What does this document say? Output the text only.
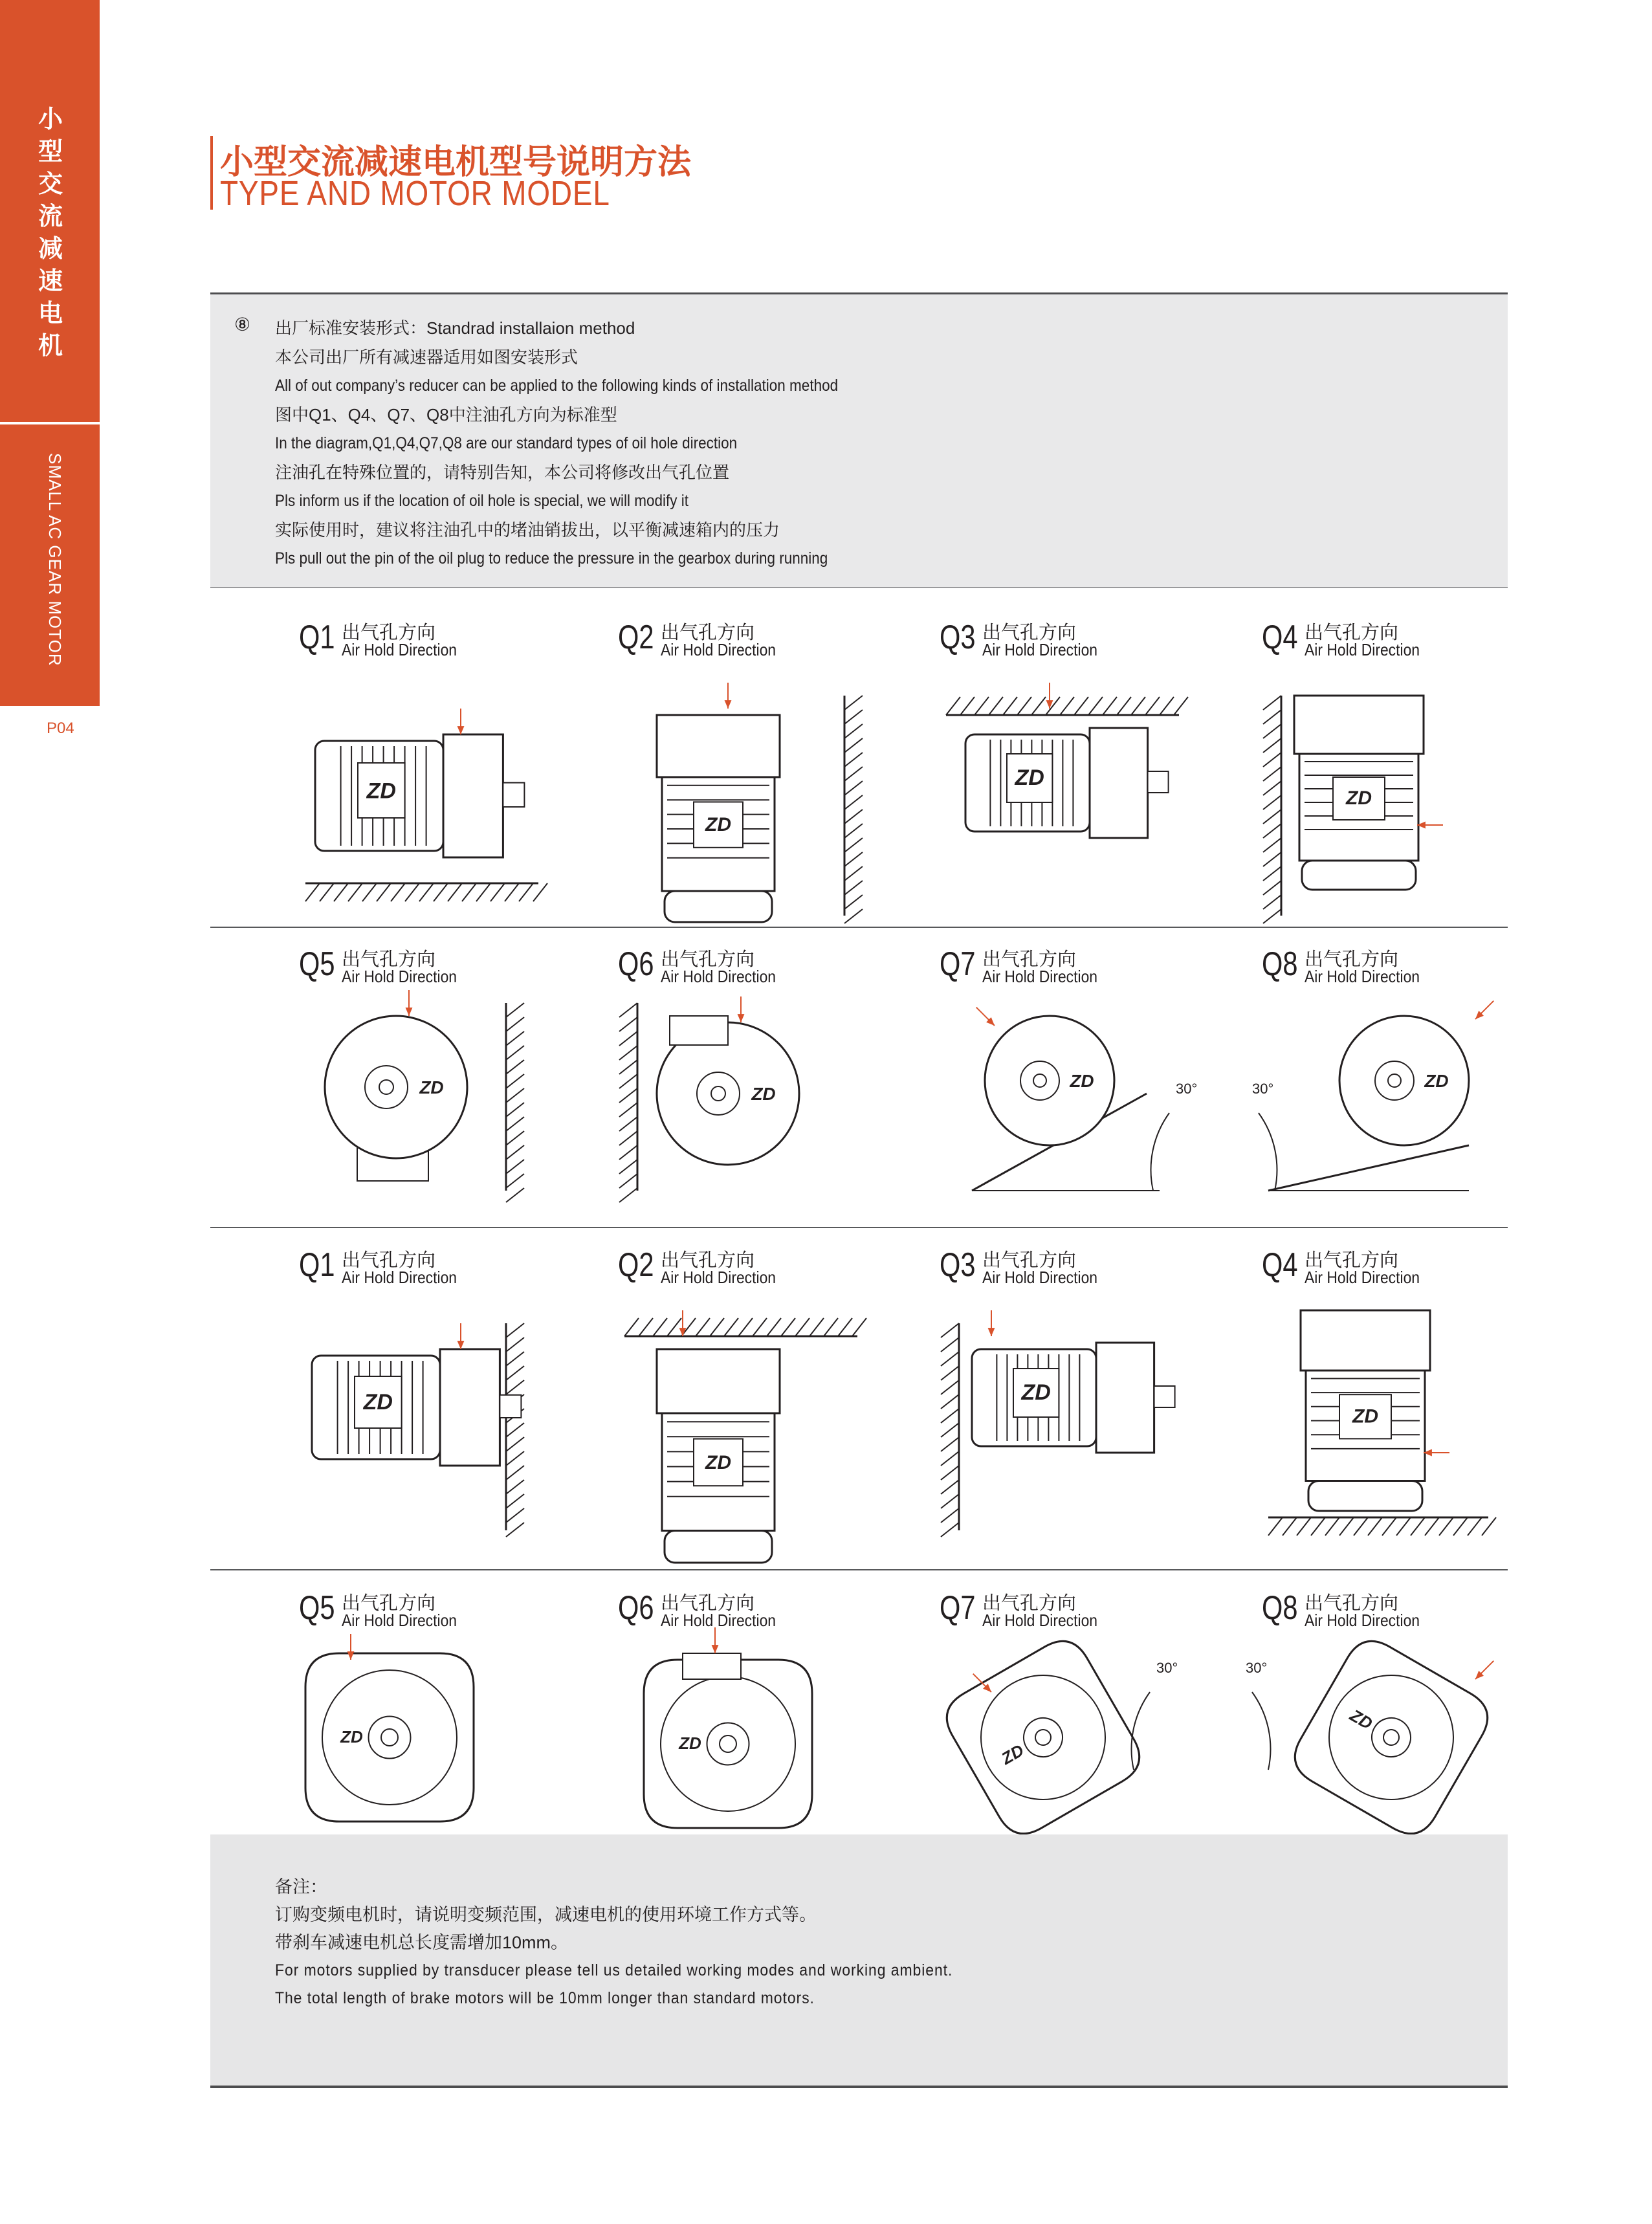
小
型
交
流
减
速
电
机
SMALL AC GEAR MOTOR
P04
小型交流减速电机型号说明方法
TYPE AND MOTOR MODEL
⑧ 出厂标准安装形式：Standrad installaion method
本公司出厂所有减速器适用如图安装形式
All of out company’s reducer can be applied to the following kinds of installation method
图中Q1、Q4、Q7、Q8中注油孔方向为标准型
In the diagram,Q1,Q4,Q7,Q8 are our standard types of oil hole direction
注油孔在特殊位置的，请特别告知，本公司将修改出气孔位置
Pls inform us if the location of oil hole is special, we will modify it
实际使用时，建议将注油孔中的堵油销拔出，以平衡减速箱内的压力
Pls pull out the pin of the oil plug to reduce the pressure in the gearbox during running
Q1 出气孔方向
Air Hold Direction
ZD
Q2 出气孔方向
Air Hold Direction
ZD
Q3 出气孔方向
Air Hold Direction
ZD
Q4 出气孔方向
Air Hold Direction
ZD
Q5 出气孔方向
Air Hold Direction
ZD
Q6 出气孔方向
Air Hold Direction
ZD
Q7 出气孔方向
Air Hold Direction
ZD	30°
Q8 出气孔方向
Air Hold Direction
ZD
30°
Q1 出气孔方向
Air Hold Direction
ZD
Q2 出气孔方向
Air Hold Direction
ZD
Q3 出气孔方向
Air Hold Direction
ZD
Q4 出气孔方向
Air Hold Direction
ZD
Q5 出气孔方向
Air Hold Direction
ZD
Q6 出气孔方向
Air Hold Direction
ZD
Q7 出气孔方向
Air Hold Direction
ZD
30°
Q8 出气孔方向
Air Hold Direction
ZD
30°
备注：
订购变频电机时，请说明变频范围，减速电机的使用环境工作方式等。
带刹车减速电机总长度需增加10mm。
For motors supplied by transducer please tell us detailed working modes and working ambient.
The total length of brake motors will be 10mm longer than standard motors.
